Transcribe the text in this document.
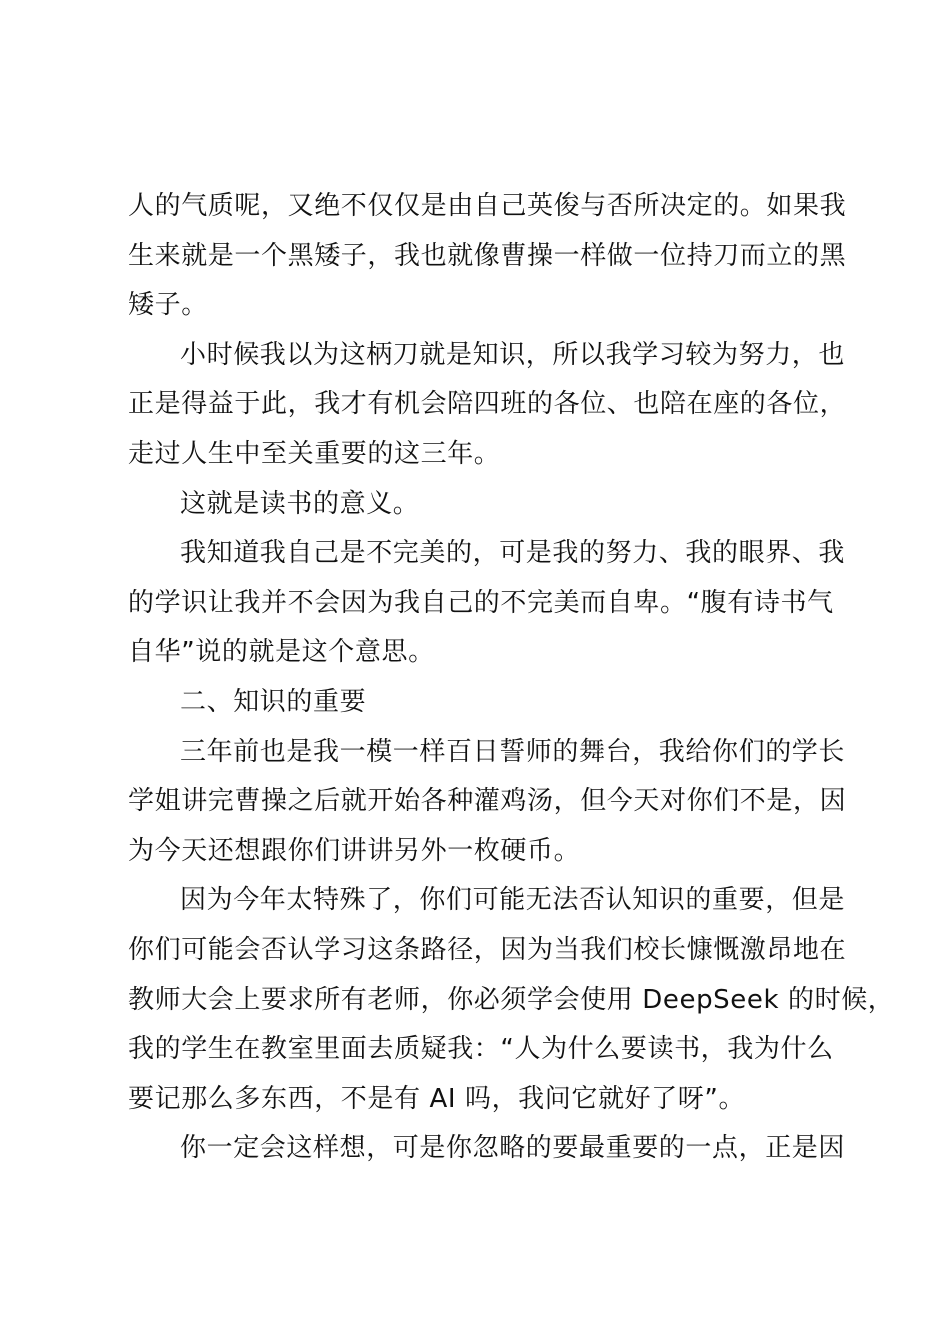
人的气质呢，又绝不仅仅是由自己英俊与否所决定的。如果我
生来就是一个黑矮子，我也就像曹操一样做一位持刀而立的黑
矮子。
小时候我以为这柄刀就是知识，所以我学习较为努力，也
正是得益于此，我才有机会陪四班的各位、也陪在座的各位，
走过人生中至关重要的这三年。
这就是读书的意义。
我知道我自己是不完美的，可是我的努力、我的眼界、我
的学识让我并不会因为我自己的不完美而自卑。“腹有诗书气
自华”说的就是这个意思。
二、知识的重要
三年前也是我一模一样百日誓师的舞台，我给你们的学长
学姐讲完曹操之后就开始各种灌鸡汤，但今天对你们不是，因
为今天还想跟你们讲讲另外一枚硬币。
因为今年太特殊了，你们可能无法否认知识的重要，但是
你们可能会否认学习这条路径，因为当我们校长慷慨激昂地在
教师大会上要求所有老师，你必须学会使用 DeepSeek 的时候，
我的学生在教室里面去质疑我：“人为什么要读书，我为什么
要记那么多东西，不是有 AI 吗，我问它就好了呀”。
你一定会这样想，可是你忽略的要最重要的一点，正是因
